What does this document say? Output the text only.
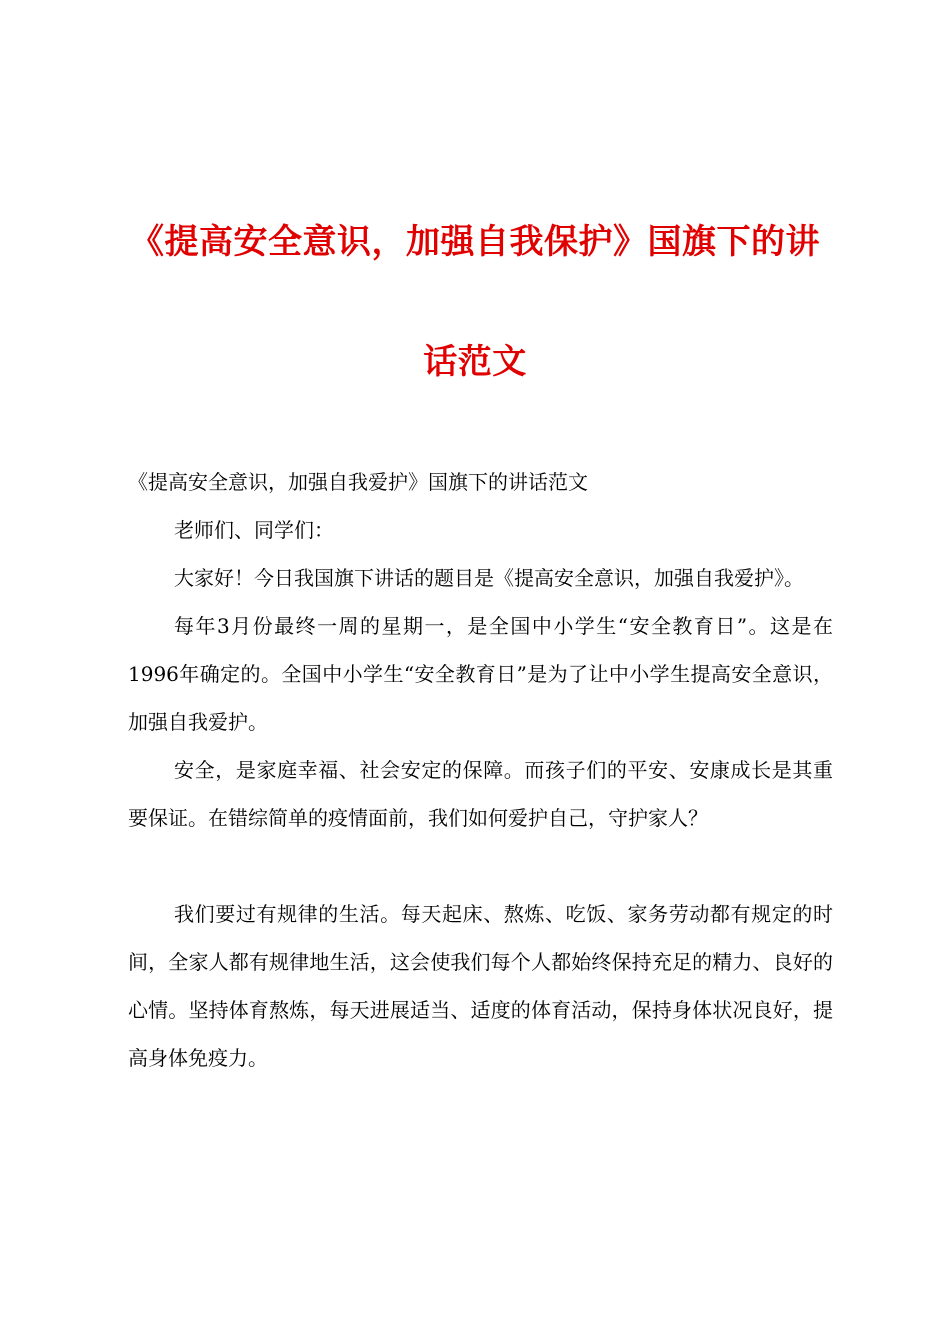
《提高安全意识，加强自我保护》国旗下的讲
话范文

《提高安全意识，加强自我爱护》国旗下的讲话范文

老师们、同学们：

大家好！今日我国旗下讲话的题目是《提高安全意识，加强自我爱护》。

每年3月份最终一周的星期一，是全国中小学生“安全教育日”。这是在1996年确定的。全国中小学生“安全教育日”是为了让中小学生提高安全意识，加强自我爱护。

安全，是家庭幸福、社会安定的保障。而孩子们的平安、安康成长是其重要保证。在错综简单的疫情面前，我们如何爱护自己，守护家人？

我们要过有规律的生活。每天起床、熬炼、吃饭、家务劳动都有规定的时间，全家人都有规律地生活，这会使我们每个人都始终保持充足的精力、良好的心情。坚持体育熬炼，每天进展适当、适度的体育活动，保持身体状况良好，提高身体免疫力。
